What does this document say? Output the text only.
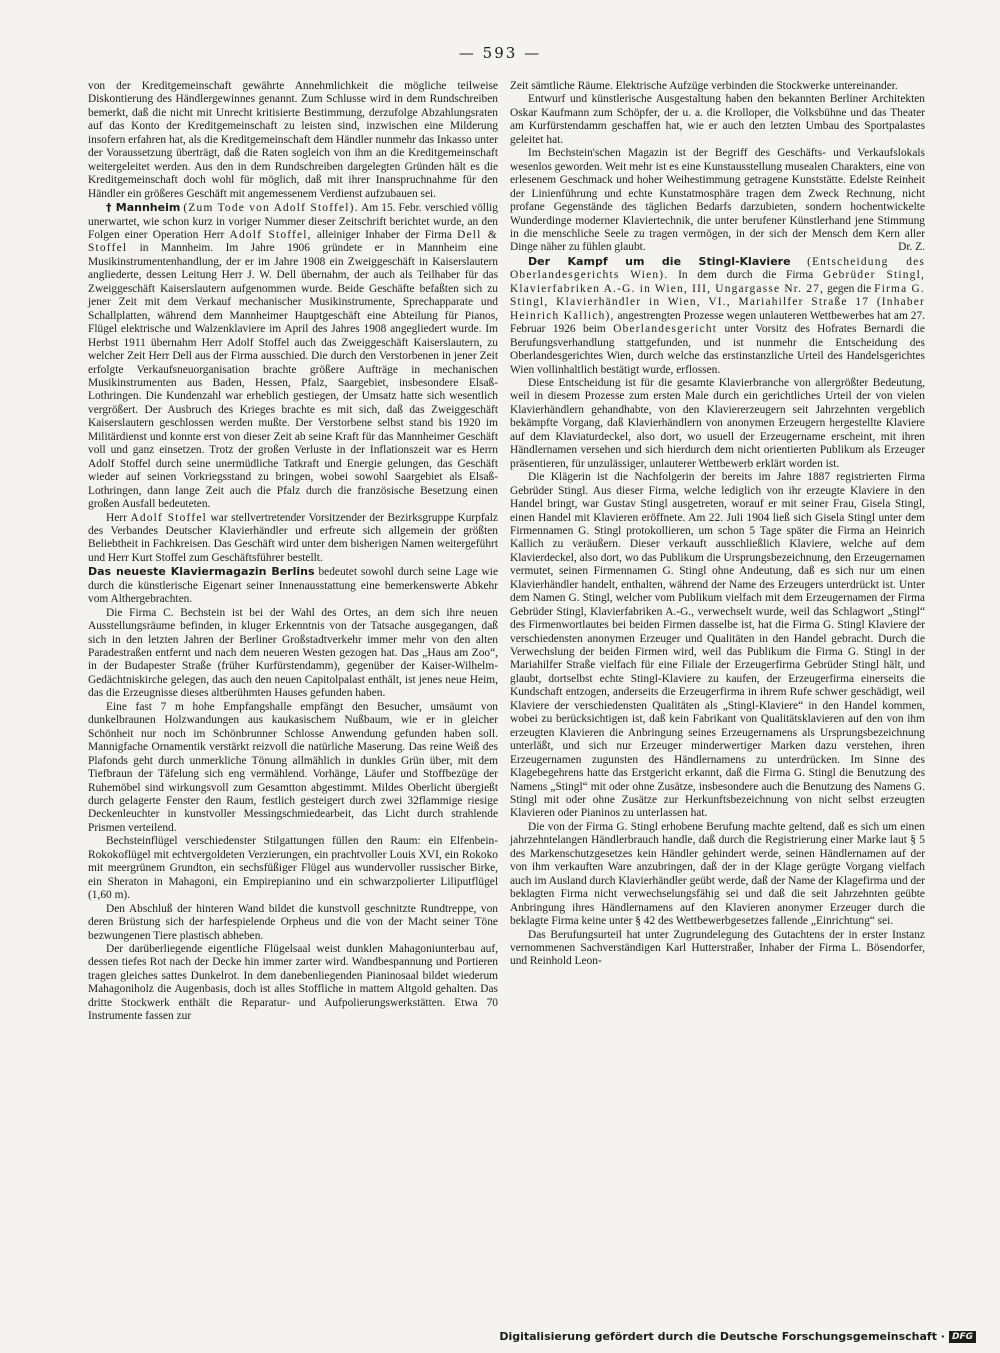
— 593 —

von der Kreditgemeinschaft gewährte Annehmlichkeit die mögliche teilweise Diskontierung des Händlergewinnes genannt. Zum Schlusse wird in dem Rundschreiben bemerkt, daß die nicht mit Unrecht kritisierte Bestimmung, derzufolge Abzahlungsraten auf das Konto der Kreditgemeinschaft zu leisten sind, inzwischen eine Milderung insofern erfahren hat, als die Kreditgemeinschaft dem Händler nunmehr das Inkasso unter der Voraussetzung überträgt, daß die Raten sogleich von ihm an die Kreditgemeinschaft weitergeleitet werden. Aus den in dem Rundschreiben dargelegten Gründen hält es die Kreditgemeinschaft doch wohl für möglich, daß mit ihrer Inanspruchnahme für den Händler ein größeres Geschäft mit angemessenem Verdienst aufzubauen sei.

† Mannheim (Zum Tode von Adolf Stoffel). Am 15. Febr. verschied völlig unerwartet, wie schon kurz in voriger Nummer dieser Zeitschrift berichtet wurde, an den Folgen einer Operation Herr Adolf Stoffel, alleiniger Inhaber der Firma Dell & Stoffel in Mannheim. Im Jahre 1906 gründete er in Mannheim eine Musikinstrumentenhandlung, der er im Jahre 1908 ein Zweiggeschäft in Kaiserslautern angliederte, dessen Leitung Herr J. W. Dell übernahm, der auch als Teilhaber für das Zweiggeschäft Kaiserslautern aufgenommen wurde. Beide Geschäfte befaßten sich zu jener Zeit mit dem Verkauf mechanischer Musikinstrumente, Sprechapparate und Schallplatten, während dem Mannheimer Hauptgeschäft eine Abteilung für Pianos, Flügel elektrische und Walzenklaviere im April des Jahres 1908 angegliedert wurde. Im Herbst 1911 übernahm Herr Adolf Stoffel auch das Zweiggeschäft Kaiserslautern, zu welcher Zeit Herr Dell aus der Firma ausschied. Die durch den Verstorbenen in jener Zeit erfolgte Verkaufsneuorganisation brachte größere Aufträge in mechanischen Musikinstrumenten aus Baden, Hessen, Pfalz, Saargebiet, insbesondere Elsaß-Lothringen. Die Kundenzahl war erheblich gestiegen, der Umsatz hatte sich wesentlich vergrößert. Der Ausbruch des Krieges brachte es mit sich, daß das Zweiggeschäft Kaiserslautern geschlossen werden mußte. Der Verstorbene selbst stand bis 1920 im Militärdienst und konnte erst von dieser Zeit ab seine Kraft für das Mannheimer Geschäft voll und ganz einsetzen. Trotz der großen Verluste in der Inflationszeit war es Herrn Adolf Stoffel durch seine unermüdliche Tatkraft und Energie gelungen, das Geschäft wieder auf seinen Vorkriegsstand zu bringen, wobei sowohl Saargebiet als Elsaß-Lothringen, dann lange Zeit auch die Pfalz durch die französische Besetzung einen großen Ausfall bedeuteten.

Herr Adolf Stoffel war stellvertretender Vorsitzender der Bezirksgruppe Kurpfalz des Verbandes Deutscher Klavierhändler und erfreute sich allgemein der größten Beliebtheit in Fachkreisen. Das Geschäft wird unter dem bisherigen Namen weitergeführt und Herr Kurt Stoffel zum Geschäftsführer bestellt.

Das neueste Klaviermagazin Berlins bedeutet sowohl durch seine Lage wie durch die künstlerische Eigenart seiner Innenausstattung eine bemerkenswerte Abkehr vom Althergebrachten.

Die Firma C. Bechstein ist bei der Wahl des Ortes, an dem sich ihre neuen Ausstellungsräume befinden, in kluger Erkenntnis von der Tatsache ausgegangen, daß sich in den letzten Jahren der Berliner Großstadtverkehr immer mehr von den alten Paradestraßen entfernt und nach dem neueren Westen gezogen hat. Das „Haus am Zoo“, in der Budapester Straße (früher Kurfürstendamm), gegenüber der Kaiser-Wilhelm-Gedächtniskirche gelegen, das auch den neuen Capitolpalast enthält, ist jenes neue Heim, das die Erzeugnisse dieses altberühmten Hauses gefunden haben.

Eine fast 7 m hohe Empfangshalle empfängt den Besucher, umsäumt von dunkelbraunen Holzwandungen aus kaukasischem Nußbaum, wie er in gleicher Schönheit nur noch im Schönbrunner Schlosse Anwendung gefunden haben soll. Mannigfache Ornamentik verstärkt reizvoll die natürliche Maserung. Das reine Weiß des Plafonds geht durch unmerkliche Tönung allmählich in dunkles Grün über, mit dem Tiefbraun der Täfelung sich eng vermählend. Vorhänge, Läufer und Stoffbezüge der Ruhemöbel sind wirkungsvoll zum Gesamtton abgestimmt. Mildes Oberlicht übergießt durch gelagerte Fenster den Raum, festlich gesteigert durch zwei 32flammige riesige Deckenleuchter in kunstvoller Messingschmiedearbeit, das Licht durch strahlende Prismen verteilend.

Bechsteinflügel verschiedenster Stilgattungen füllen den Raum: ein Elfenbein-Rokokoflügel mit echtvergoldeten Verzierungen, ein prachtvoller Louis XVI, ein Rokoko mit meergrünem Grundton, ein sechsfüßiger Flügel aus wundervoller russischer Birke, ein Sheraton in Mahagoni, ein Empirepianino und ein schwarzpolierter Liliputflügel (1,60 m).

Den Abschluß der hinteren Wand bildet die kunstvoll geschnitzte Rundtreppe, von deren Brüstung sich der harfespielende Orpheus und die von der Macht seiner Töne bezwungenen Tiere plastisch abheben.

Der darüberliegende eigentliche Flügelsaal weist dunklen Mahagoniunterbau auf, dessen tiefes Rot nach der Decke hin immer zarter wird. Wandbespannung und Portieren tragen gleiches sattes Dunkelrot. In dem danebenliegenden Pianinosaal bildet wiederum Mahagoniholz die Augenbasis, doch ist alles Stoffliche in mattem Altgold gehalten. Das dritte Stockwerk enthält die Reparatur- und Aufpolierungswerkstätten. Etwa 70 Instrumente fassen zur

Zeit sämtliche Räume. Elektrische Aufzüge verbinden die Stockwerke untereinander.

Entwurf und künstlerische Ausgestaltung haben den bekannten Berliner Architekten Oskar Kaufmann zum Schöpfer, der u. a. die Krolloper, die Volksbühne und das Theater am Kurfürstendamm geschaffen hat, wie er auch den letzten Umbau des Sportpalastes geleitet hat.

Im Bechstein'schen Magazin ist der Begriff des Geschäfts- und Verkaufslokals wesenlos geworden. Weit mehr ist es eine Kunstausstellung musealen Charakters, eine von erlesenem Geschmack und hoher Weihestimmung getragene Kunststätte. Edelste Reinheit der Linienführung und echte Kunstatmosphäre tragen dem Zweck Rechnung, nicht profane Gegenstände des täglichen Bedarfs darzubieten, sondern hochentwickelte Wunderdinge moderner Klaviertechnik, die unter berufener Künstlerhand jene Stimmung in die menschliche Seele zu tragen vermögen, in der sich der Mensch dem Kern aller Dinge näher zu fühlen glaubt.	Dr. Z.

Der Kampf um die Stingl-Klaviere (Entscheidung des Oberlandesgerichts Wien). In dem durch die Firma Gebrüder Stingl, Klavierfabriken A.-G. in Wien, III, Ungargasse Nr. 27, gegen die Firma G. Stingl, Klavierhändler in Wien, VI., Mariahilfer Straße 17 (Inhaber Heinrich Kallich), angestrengten Prozesse wegen unlauteren Wettbewerbes hat am 27. Februar 1926 beim Oberlandesgericht unter Vorsitz des Hofrates Bernardi die Berufungsverhandlung stattgefunden, und ist nunmehr die Entscheidung des Oberlandesgerichtes Wien, durch welche das erstinstanzliche Urteil des Handelsgerichtes Wien vollinhaltlich bestätigt wurde, erflossen.

Diese Entscheidung ist für die gesamte Klavierbranche von allergrößter Bedeutung, weil in diesem Prozesse zum ersten Male durch ein gerichtliches Urteil der von vielen Klavierhändlern gehandhabte, von den Klaviererzeugern seit Jahrzehnten vergeblich bekämpfte Vorgang, daß Klavierhändlern von anonymen Erzeugern hergestellte Klaviere auf dem Klaviaturdeckel, also dort, wo usuell der Erzeugername erscheint, mit ihren Händlernamen versehen und sich hierdurch dem nicht orientierten Publikum als Erzeuger präsentieren, für unzulässiger, unlauterer Wettbewerb erklärt worden ist.

Die Klägerin ist die Nachfolgerin der bereits im Jahre 1887 registrierten Firma Gebrüder Stingl. Aus dieser Firma, welche lediglich von ihr erzeugte Klaviere in den Handel bringt, war Gustav Stingl ausgetreten, worauf er mit seiner Frau, Gisela Stingl, einen Handel mit Klavieren eröffnete. Am 22. Juli 1904 ließ sich Gisela Stingl unter dem Firmennamen G. Stingl protokollieren, um schon 5 Tage später die Firma an Heinrich Kallich zu veräußern. Dieser verkauft ausschließlich Klaviere, welche auf dem Klavierdeckel, also dort, wo das Publikum die Ursprungsbezeichnung, den Erzeugernamen vermutet, seinen Firmennamen G. Stingl ohne Andeutung, daß es sich nur um einen Klavierhändler handelt, enthalten, während der Name des Erzeugers unterdrückt ist. Unter dem Namen G. Stingl, welcher vom Publikum vielfach mit dem Erzeugernamen der Firma Gebrüder Stingl, Klavierfabriken A.-G., verwechselt wurde, weil das Schlagwort „Stingl“ des Firmenwortlautes bei beiden Firmen dasselbe ist, hat die Firma G. Stingl Klaviere der verschiedensten anonymen Erzeuger und Qualitäten in den Handel gebracht. Durch die Verwechslung der beiden Firmen wird, weil das Publikum die Firma G. Stingl in der Mariahilfer Straße vielfach für eine Filiale der Erzeugerfirma Gebrüder Stingl hält, und glaubt, dortselbst echte Stingl-Klaviere zu kaufen, der Erzeugerfirma einerseits die Kundschaft entzogen, anderseits die Erzeugerfirma in ihrem Rufe schwer geschädigt, weil Klaviere der verschiedensten Qualitäten als „Stingl-Klaviere“ in den Handel kommen, wobei zu berücksichtigen ist, daß kein Fabrikant von Qualitätsklavieren auf den von ihm erzeugten Klavieren die Anbringung seines Erzeugernamens als Ursprungsbezeichnung unterläßt, und sich nur Erzeuger minderwertiger Marken dazu verstehen, ihren Erzeugernamen zugunsten des Händlernamens zu unterdrücken. Im Sinne des Klagebegehrens hatte das Erstgericht erkannt, daß die Firma G. Stingl die Benutzung des Namens „Stingl“ mit oder ohne Zusätze, insbesondere auch die Benutzung des Namens G. Stingl mit oder ohne Zusätze zur Herkunftsbezeichnung von nicht selbst erzeugten Klavieren oder Pianinos zu unterlassen hat.

Die von der Firma G. Stingl erhobene Berufung machte geltend, daß es sich um einen jahrzehntelangen Händlerbrauch handle, daß durch die Registrierung einer Marke laut § 5 des Markenschutzgesetzes kein Händler gehindert werde, seinen Händlernamen auf der von ihm verkauften Ware anzubringen, daß der in der Klage gerügte Vorgang vielfach auch im Ausland durch Klavierhändler geübt werde, daß der Name der Klagefirma und der beklagten Firma nicht verwechselungsfähig sei und daß die seit Jahrzehnten geübte Anbringung ihres Händlernamens auf den Klavieren anonymer Erzeuger durch die beklagte Firma keine unter § 42 des Wettbewerbgesetzes fallende „Einrichtung“ sei.

Das Berufungsurteil hat unter Zugrundelegung des Gutachtens der in erster Instanz vernommenen Sachverständigen Karl Hutterstraßer, Inhaber der Firma L. Bösendorfer, und Reinhold Leon-

Digitalisierung gefördert durch die Deutsche Forschungsgemeinschaft · DFG
